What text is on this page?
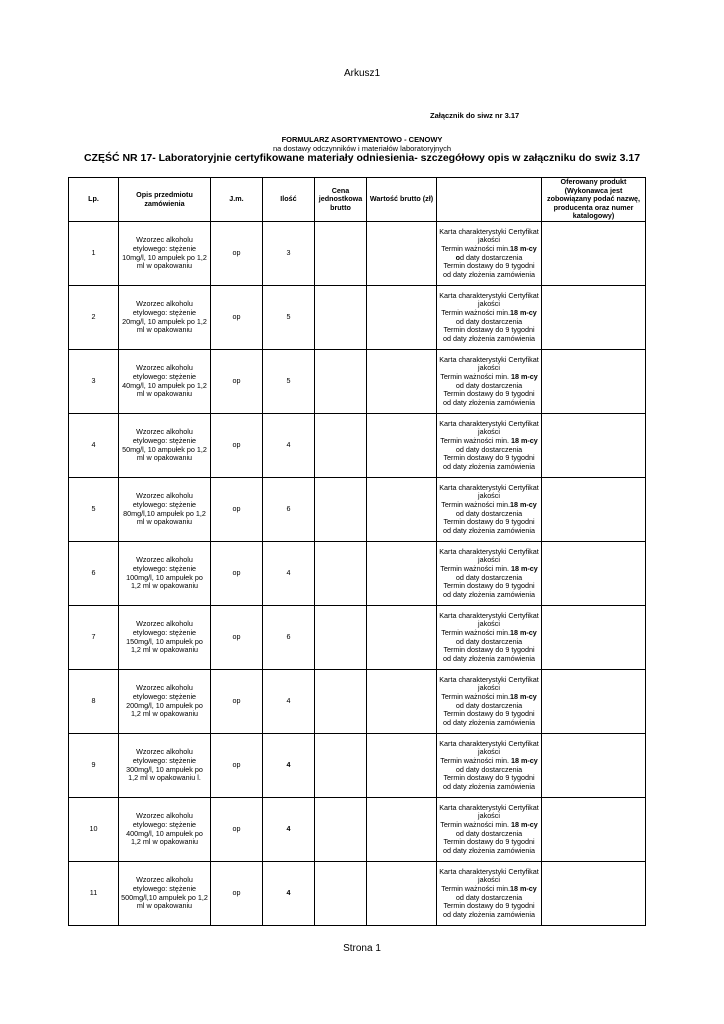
Arkusz1
Załącznik do siwz nr 3.17
FORMULARZ ASORTYMENTOWO - CENOWY
na dostawy odczynników i materiałów laboratoryjnych
CZĘŚĆ NR 17- Laboratoryjnie certyfikowane materiały odniesienia- szczegółowy opis w załączniku do swiz 3.17
Lp.	Opis przedmiotu zamówienia	J.m.	Ilość	Cena jednostkowa brutto	Wartość brutto (zł)		Oferowany produkt (Wykonawca jest zobowiązany podać nazwę, producenta oraz numer katalogowy)
1	Wzorzec alkoholu etylowego: stężenie 10mg/l, 10 ampułek po 1,2 ml w opakowaniu	op	3			Karta charakterystyki Certyfikat jakości
Termin ważności min.18 m-cy
od daty dostarczenia
Termin dostawy do 9 tygodni od daty złożenia zamówienia	
2	Wzorzec alkoholu etylowego: stężenie 20mg/l, 10 ampułek po 1,2 ml w opakowaniu	op	5			Karta charakterystyki Certyfikat jakości
Termin ważności min.18 m-cy
od daty dostarczenia
Termin dostawy do 9 tygodni od daty złożenia zamówienia	
3	Wzorzec alkoholu etylowego: stężenie 40mg/l, 10 ampułek po 1,2 ml w opakowaniu	op	5			Karta charakterystyki Certyfikat jakości
Termin ważności min. 18 m-cy
od daty dostarczenia
Termin dostawy do 9 tygodni od daty złożenia zamówienia	
4	Wzorzec alkoholu etylowego: stężenie 50mg/l, 10 ampułek po 1,2 ml w opakowaniu	op	4			Karta charakterystyki Certyfikat jakości
Termin ważności min. 18 m-cy
od daty dostarczenia
Termin dostawy do 9 tygodni od daty złożenia zamówienia	
5	Wzorzec alkoholu etylowego: stężenie 80mg/l,10 ampułek po 1,2 ml w opakowaniu	op	6			Karta charakterystyki Certyfikat jakości
Termin ważności min.18 m-cy
od daty dostarczenia
Termin dostawy do 9 tygodni od daty złożenia zamówienia	
6	Wzorzec alkoholu etylowego: stężenie 100mg/l, 10 ampułek po 1,2 ml w opakowaniu	op	4			Karta charakterystyki Certyfikat jakości
Termin ważności min. 18 m-cy
od daty dostarczenia
Termin dostawy do 9 tygodni od daty złożenia zamówienia	
7	Wzorzec alkoholu etylowego: stężenie 150mg/l, 10 ampułek po 1,2 ml w opakowaniu	op	6			Karta charakterystyki Certyfikat jakości
Termin ważności min.18 m-cy
od daty dostarczenia
Termin dostawy do 9 tygodni od daty złożenia zamówienia	
8	Wzorzec alkoholu etylowego: stężenie 200mg/l, 10 ampułek po 1,2 ml w opakowaniu	op	4			Karta charakterystyki Certyfikat jakości
Termin ważności min.18 m-cy
od daty dostarczenia
Termin dostawy do 9 tygodni od daty złożenia zamówienia	
9	Wzorzec alkoholu etylowego: stężenie 300mg/l, 10 ampułek po 1,2 ml w opakowaniu l.	op	4			Karta charakterystyki Certyfikat jakości
Termin ważności min. 18 m-cy
od daty dostarczenia
Termin dostawy do 9 tygodni od daty złożenia zamówienia	
10	Wzorzec alkoholu etylowego: stężenie 400mg/l, 10 ampułek po 1,2 ml w opakowaniu	op	4			Karta charakterystyki Certyfikat jakości
Termin ważności min. 18 m-cy
od daty dostarczenia
Termin dostawy do 9 tygodni od daty złożenia zamówienia	
11	Wzorzec alkoholu etylowego: stężenie 500mg/l,10 ampułek po 1,2 ml w opakowaniu	op	4			Karta charakterystyki Certyfikat jakości
Termin ważności min.18 m-cy
od daty dostarczenia
Termin dostawy do 9 tygodni od daty złożenia zamówienia	
Strona 1
